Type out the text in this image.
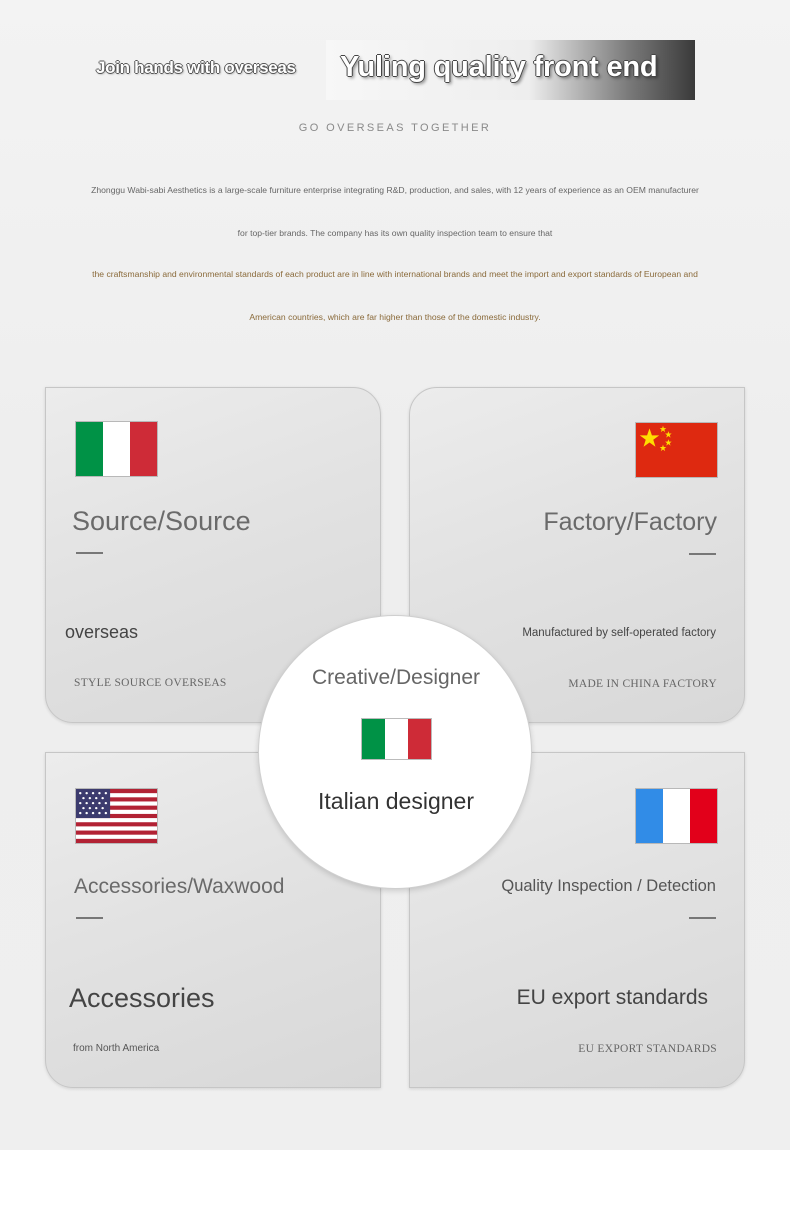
Join hands with overseas Yuling quality front end
GO OVERSEAS TOGETHER
Zhonggu Wabi-sabi Aesthetics is a large-scale furniture enterprise integrating R&D, production, and sales, with 12 years of experience as an OEM manufacturer
for top-tier brands. The company has its own quality inspection team to ensure that
the craftsmanship and environmental standards of each product are in line with international brands and meet the import and export standards of European and
American countries, which are far higher than those of the domestic industry.
Source/Source
overseas
STYLE SOURCE OVERSEAS
Factory/Factory
Manufactured by self-operated factory
MADE IN CHINA FACTORY
Accessories/Waxwood
Accessories
from North America
Quality Inspection / Detection
EU export standards
EU EXPORT STANDARDS
Creative/Designer
Italian designer
